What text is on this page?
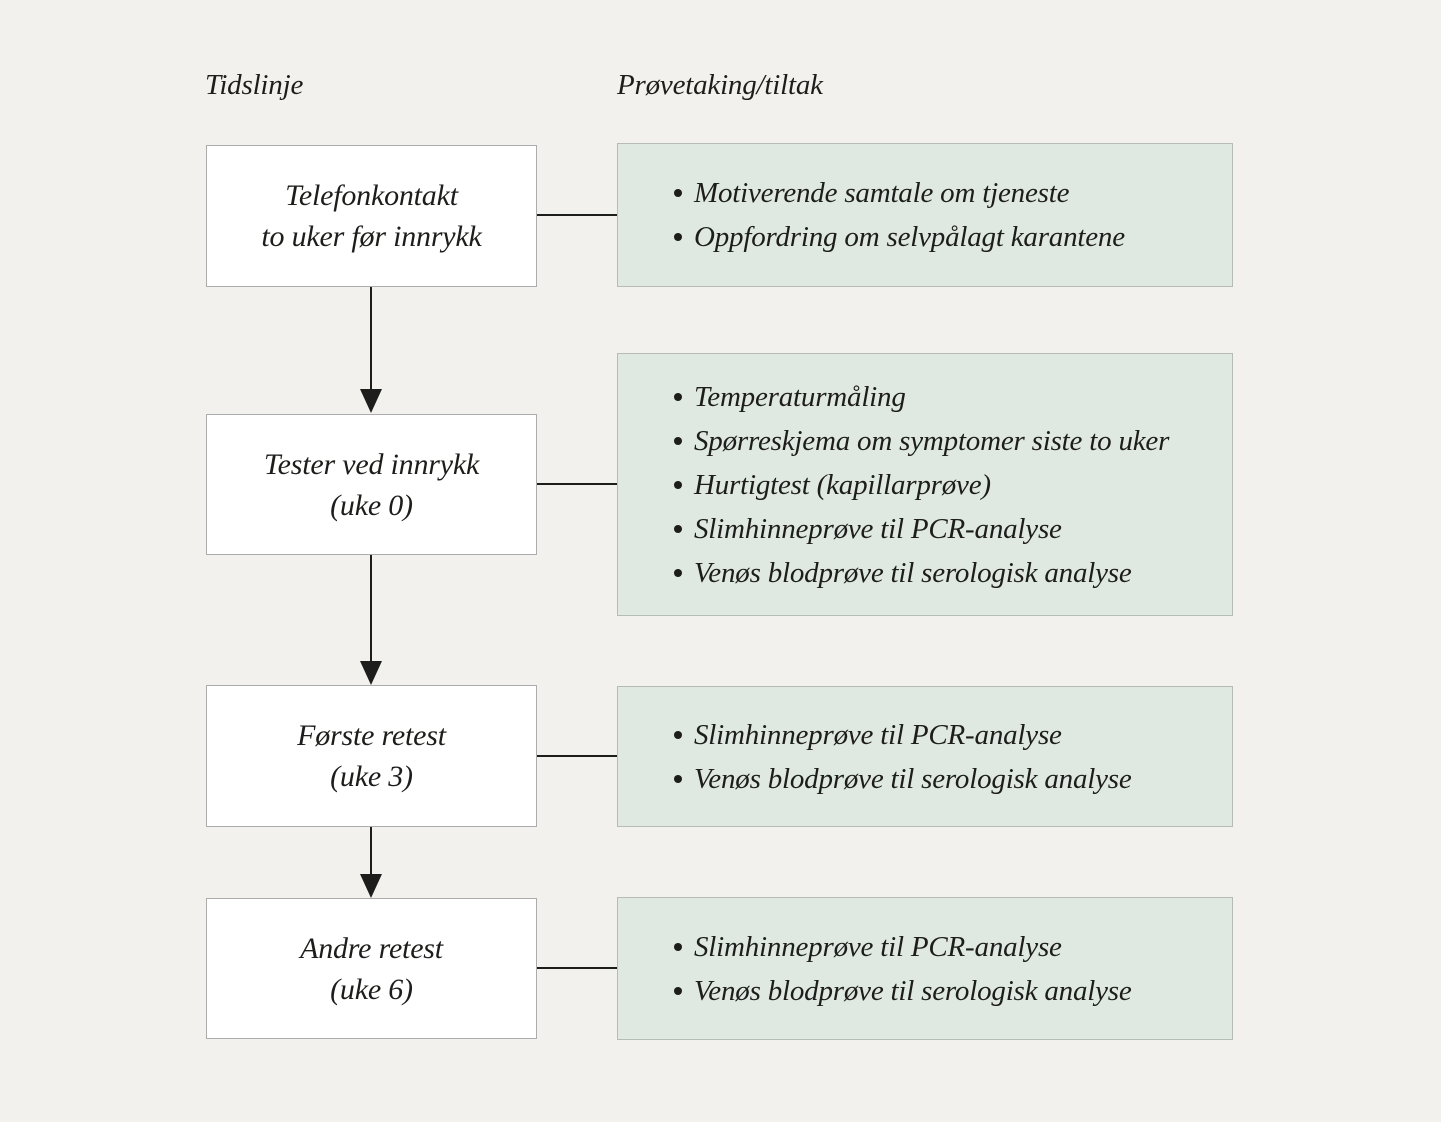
Tidslinje	Prøvetaking/tiltak
Telefonkontakt
to uker før innrykk
Motiverende samtale om tjeneste
Oppfordring om selvpålagt karantene
Tester ved innrykk
(uke 0)
Temperaturmåling
Spørreskjema om symptomer siste to uker
Hurtigtest (kapillarprøve)
Slimhinneprøve til PCR-analyse
Venøs blodprøve til serologisk analyse
Første retest
(uke 3)
Slimhinneprøve til PCR-analyse
Venøs blodprøve til serologisk analyse
Andre retest
(uke 6)
Slimhinneprøve til PCR-analyse
Venøs blodprøve til serologisk analyse
